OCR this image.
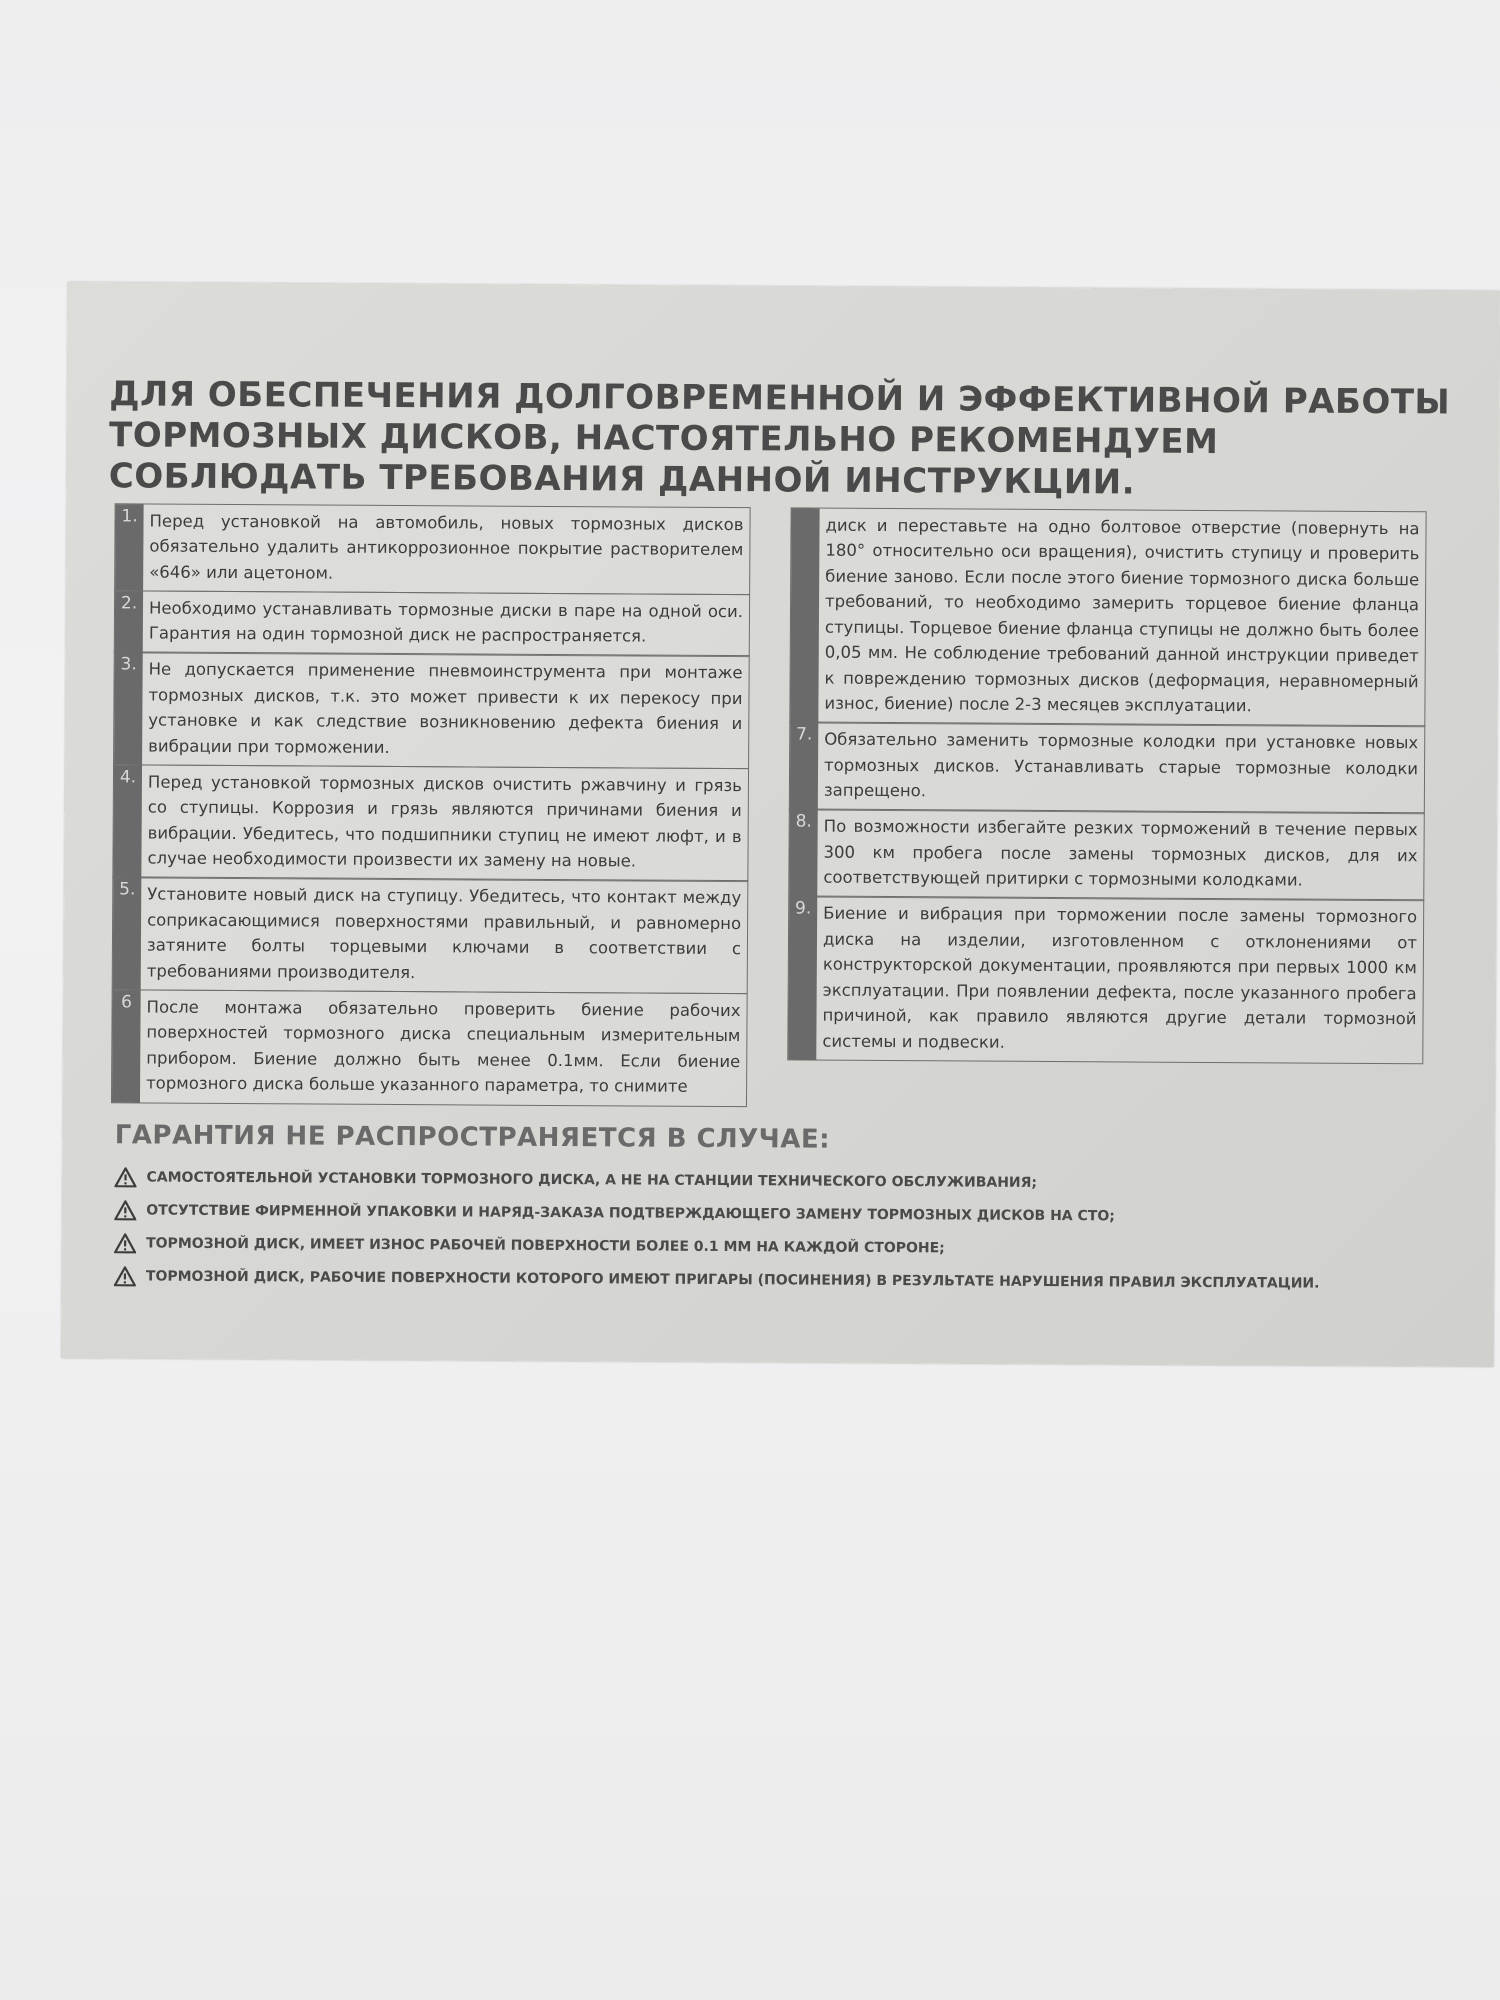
ДЛЯ ОБЕСПЕЧЕНИЯ ДОЛГОВРЕМЕННОЙ И ЭФФЕКТИВНОЙ РАБОТЫ ТОРМОЗНЫХ ДИСКОВ, НАСТОЯТЕЛЬНО РЕКОМЕНДУЕМ СОБЛЮДАТЬ ТРЕБОВАНИЯ ДАННОЙ ИНСТРУКЦИИ.
1. Перед установкой на автомобиль, новых тормозных дисков обязательно удалить антикоррозионное покрытие растворителем «646» или ацетоном.
2. Необходимо устанавливать тормозные диски в паре на одной оси. Гарантия на один тормозной диск не распространяется.
3. Не допускается применение пневмоинструмента при монтаже тормозных дисков, т.к. это может привести к их перекосу при установке и как следствие возникновению дефекта биения и вибрации при торможении.
4. Перед установкой тормозных дисков очистить ржавчину и грязь со ступицы. Коррозия и грязь являются причинами биения и вибрации. Убедитесь, что подшипники ступиц не имеют люфт, и в случае необходимости произвести их замену на новые.
5. Установите новый диск на ступицу. Убедитесь, что контакт между соприкасающимися поверхностями правильный, и равномерно затяните болты торцевыми ключами в соответствии с требованиями производителя.
6 После монтажа обязательно проверить биение рабочих поверхностей тормозного диска специальным измерительным прибором. Биение должно быть менее 0.1мм. Если биение тормозного диска больше указанного параметра, то снимите
диск и переставьте на одно болтовое отверстие (повернуть на 180° относительно оси вращения), очистить ступицу и проверить биение заново. Если после этого биение тормозного диска больше требований, то необходимо замерить торцевое биение фланца ступицы. Торцевое биение фланца ступицы не должно быть более 0,05 мм. Не соблюдение требований данной инструкции приведет к повреждению тормозных дисков (деформация, неравномерный износ, биение) после 2-3 месяцев эксплуатации.
7. Обязательно заменить тормозные колодки при установке новых тормозных дисков. Устанавливать старые тормозные колодки запрещено.
8. По возможности избегайте резких торможений в течение первых 300 км пробега после замены тормозных дисков, для их соответствующей притирки с тормозными колодками.
9. Биение и вибрация при торможении после замены тормозного диска на изделии, изготовленном с отклонениями от конструкторской документации, проявляются при первых 1000 км эксплуатации. При появлении дефекта, после указанного пробега причиной, как правило являются другие детали тормозной системы и подвески.
ГАРАНТИЯ НЕ РАСПРОСТРАНЯЕТСЯ В СЛУЧАЕ:
САМОСТОЯТЕЛЬНОЙ УСТАНОВКИ ТОРМОЗНОГО ДИСКА, А НЕ НА СТАНЦИИ ТЕХНИЧЕСКОГО ОБСЛУЖИВАНИЯ;
ОТСУТСТВИЕ ФИРМЕННОЙ УПАКОВКИ И НАРЯД-ЗАКАЗА ПОДТВЕРЖДАЮЩЕГО ЗАМЕНУ ТОРМОЗНЫХ ДИСКОВ НА СТО;
ТОРМОЗНОЙ ДИСК, ИМЕЕТ ИЗНОС РАБОЧЕЙ ПОВЕРХНОСТИ БОЛЕЕ 0.1 ММ НА КАЖДОЙ СТОРОНЕ;
ТОРМОЗНОЙ ДИСК, РАБОЧИЕ ПОВЕРХНОСТИ КОТОРОГО ИМЕЮТ ПРИГАРЫ (ПОСИНЕНИЯ) В РЕЗУЛЬТАТЕ НАРУШЕНИЯ ПРАВИЛ ЭКСПЛУАТАЦИИ.
